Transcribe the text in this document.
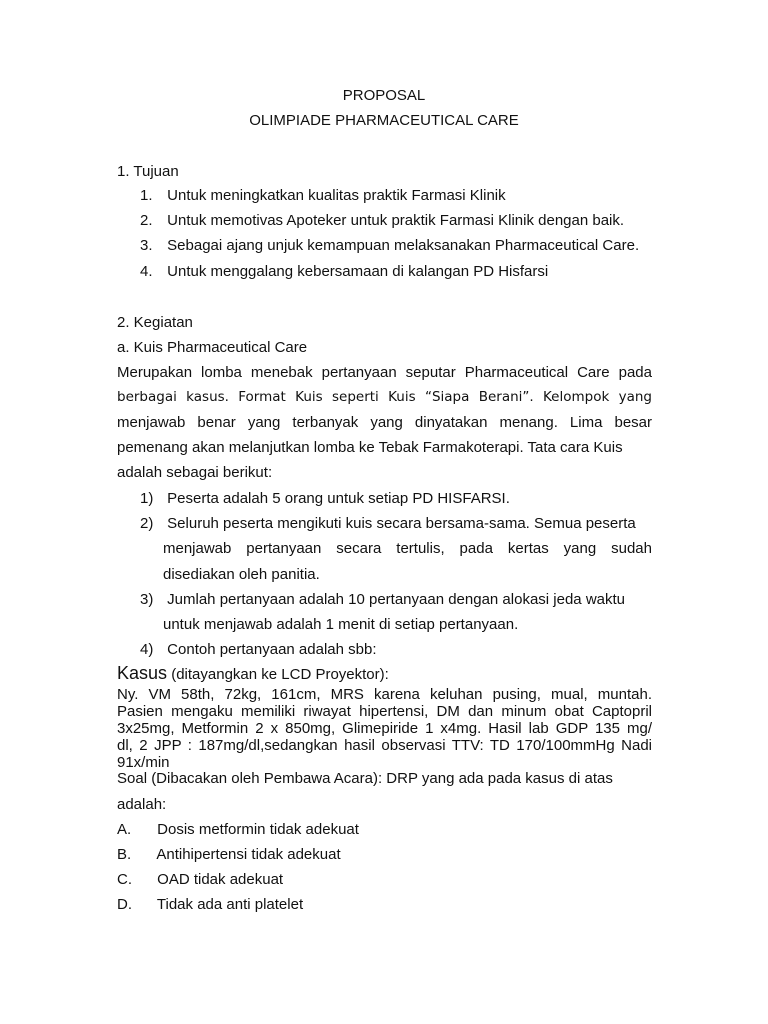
PROPOSAL
OLIMPIADE PHARMACEUTICAL CARE
1. Tujuan
1. Untuk meningkatkan kualitas praktik Farmasi Klinik
2. Untuk memotivas Apoteker untuk praktik Farmasi Klinik dengan baik.
3. Sebagai ajang unjuk kemampuan melaksanakan Pharmaceutical Care.
4. Untuk menggalang kebersamaan di kalangan PD Hisfarsi
2. Kegiatan
a. Kuis Pharmaceutical Care
Merupakan lomba menebak pertanyaan seputar Pharmaceutical Care pada
berbagai kasus. Format Kuis seperti Kuis “Siapa Berani”. Kelompok yang
menjawab benar yang terbanyak yang dinyatakan menang. Lima besar
pemenang akan melanjutkan lomba ke Tebak Farmakoterapi. Tata cara Kuis
adalah sebagai berikut:
1) Peserta adalah 5 orang untuk setiap PD HISFARSI.
2) Seluruh peserta mengikuti kuis secara bersama-sama. Semua peserta
menjawab pertanyaan secara tertulis, pada kertas yang sudah
disediakan oleh panitia.
3) Jumlah pertanyaan adalah 10 pertanyaan dengan alokasi jeda waktu
untuk menjawab adalah 1 menit di setiap pertanyaan.
4) Contoh pertanyaan adalah sbb:
Kasus (ditayangkan ke LCD Proyektor):
Ny. VM 58th, 72kg, 161cm, MRS karena keluhan pusing, mual, muntah.
Pasien mengaku memiliki riwayat hipertensi, DM dan minum obat Captopril
3x25mg, Metformin 2 x 850mg, Glimepiride 1 x4mg. Hasil lab GDP 135 mg/
dl, 2 JPP : 187mg/dl,sedangkan hasil observasi TTV: TD 170/100mmHg Nadi
91x/min
Soal (Dibacakan oleh Pembawa Acara): DRP yang ada pada kasus di atas
adalah:
A. Dosis metformin tidak adekuat
B. Antihipertensi tidak adekuat
C. OAD tidak adekuat
D. Tidak ada anti platelet
